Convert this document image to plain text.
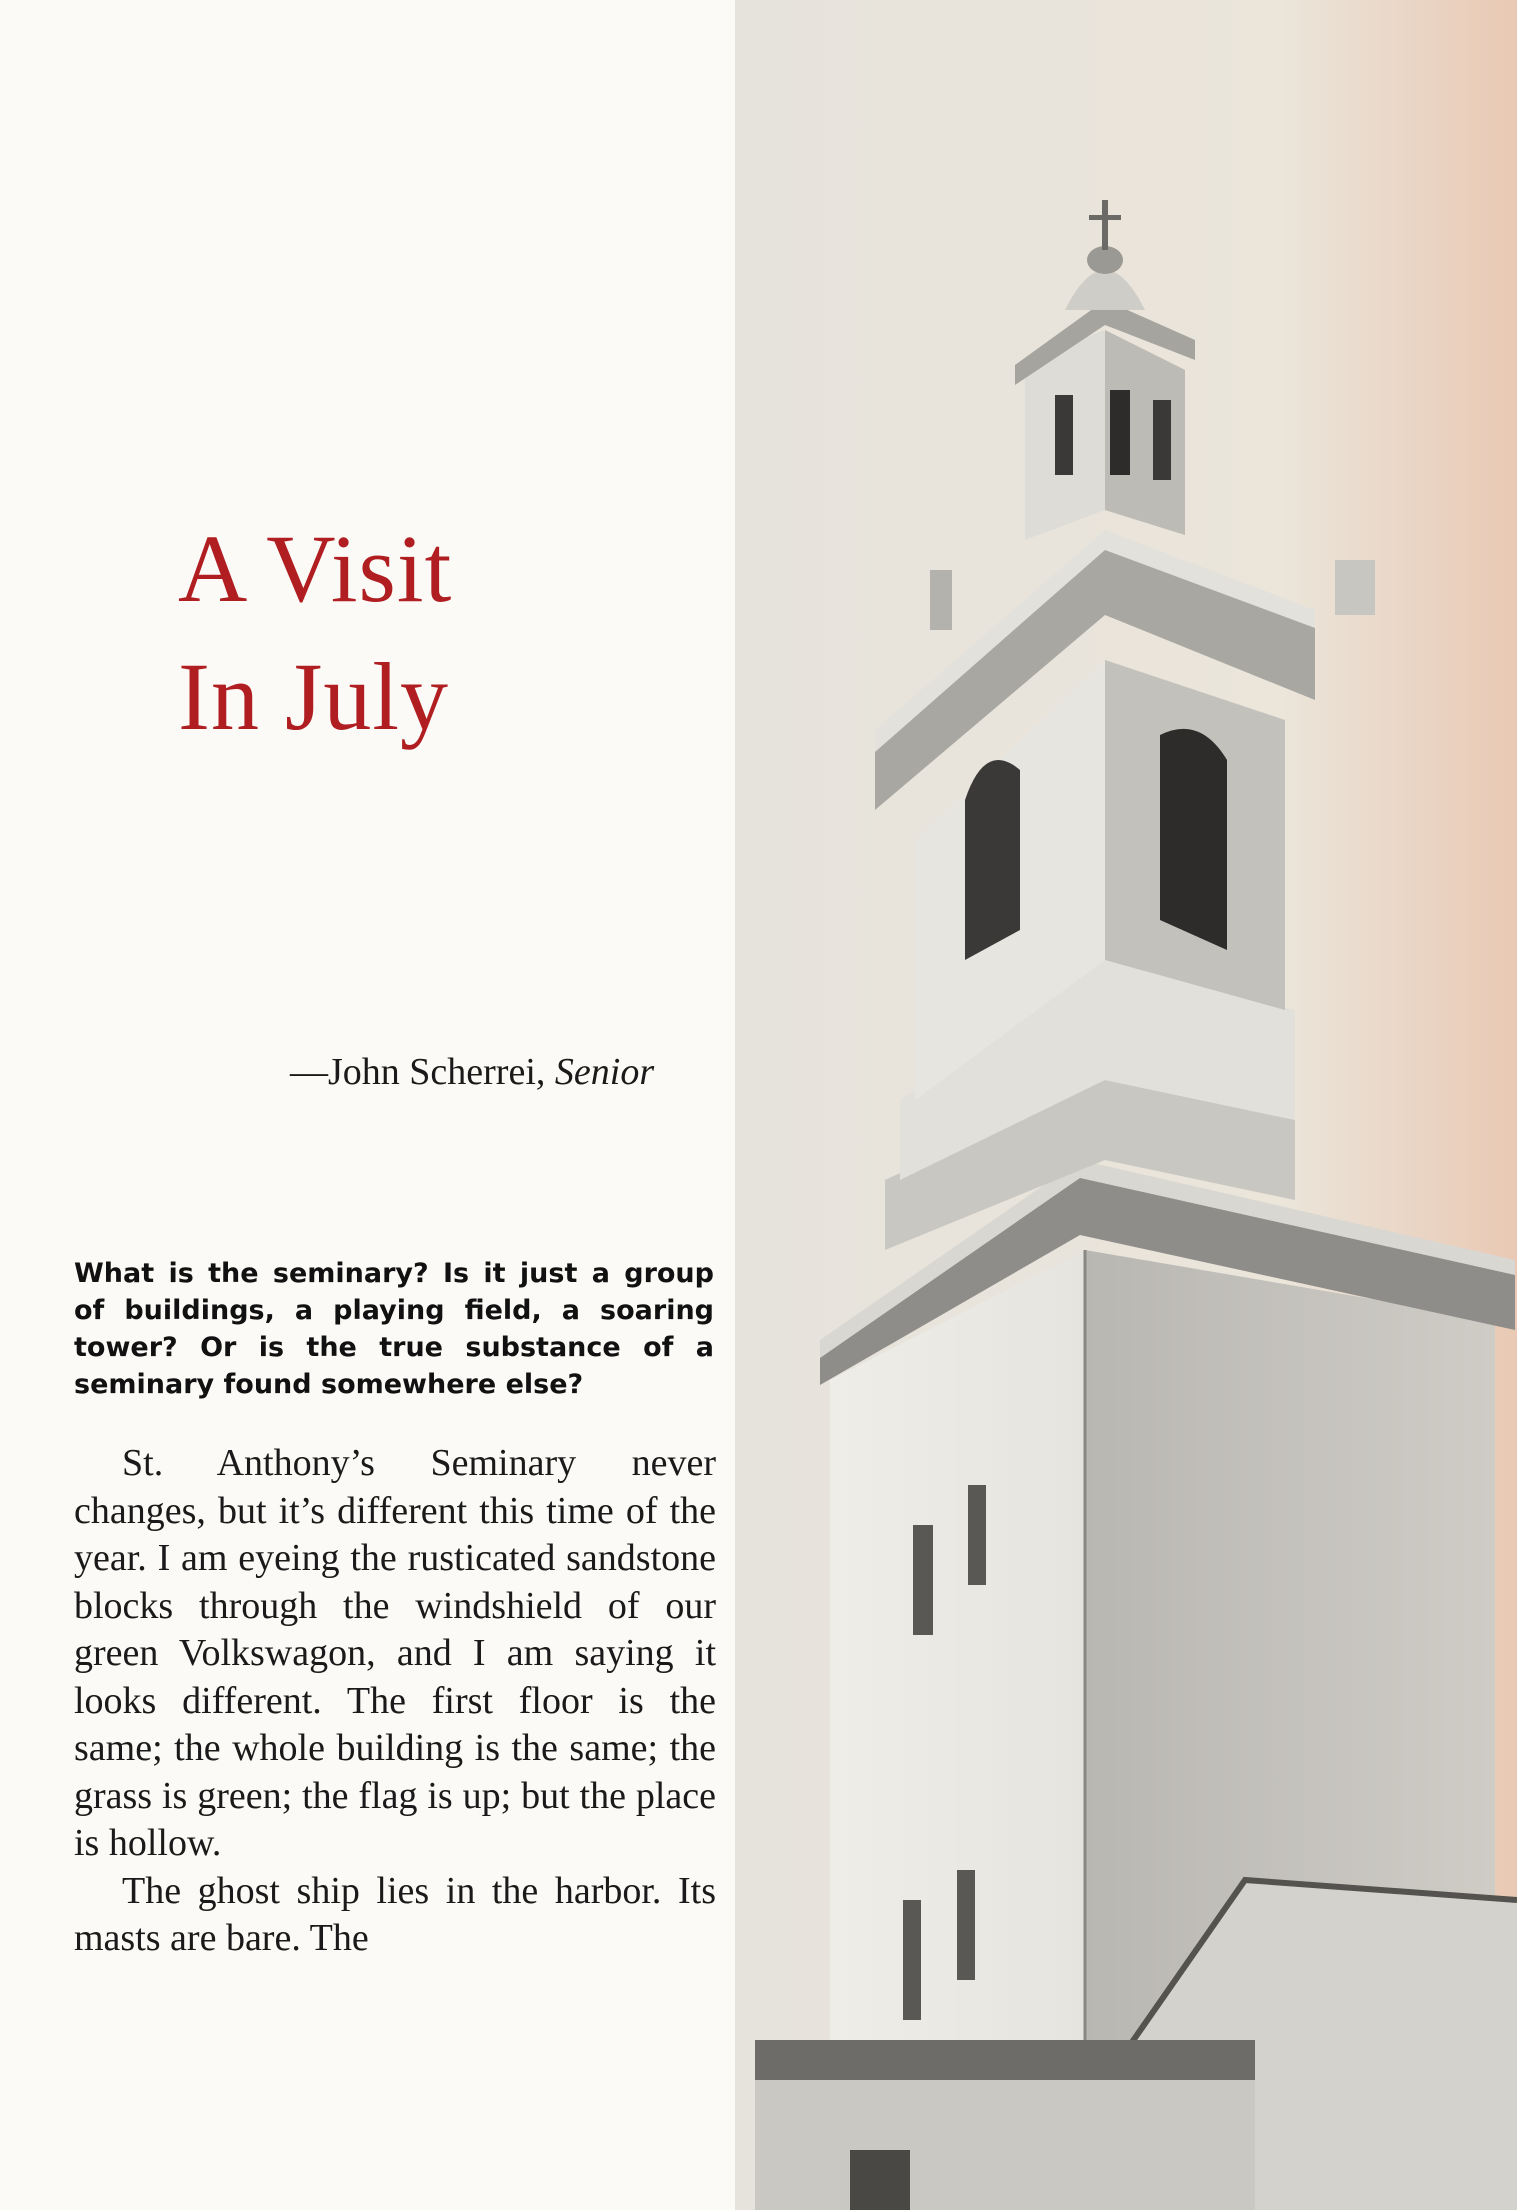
A Visit
In July
—John Scherrei, Senior
What is the seminary? Is it just a group of buildings, a playing field, a soaring tower? Or is the true substance of a seminary found somewhere else?

St. Anthony’s Seminary never changes, but it’s different this time of the year. I am eyeing the rusticated sandstone blocks through the windshield of our green Volkswagon, and I am saying it looks different. The first floor is the same; the whole building is the same; the grass is green; the flag is up; but the place is hollow.

The ghost ship lies in the harbor. Its masts are bare. The
